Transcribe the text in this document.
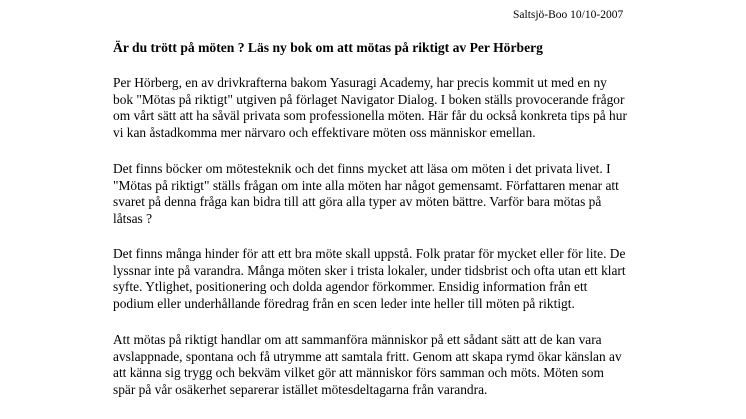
Saltsjö-Boo 10/10-2007
Är du trött på möten ? Läs ny bok om att mötas på riktigt av Per Hörberg
Per Hörberg, en av drivkrafterna bakom Yasuragi Academy, har precis kommit ut med en ny
bok "Mötas på riktigt" utgiven på förlaget Navigator Dialog. I boken ställs provocerande frågor
om vårt sätt att ha såväl privata som professionella möten. Här får du också konkreta tips på hur
vi kan åstadkomma mer närvaro och effektivare möten oss människor emellan.
Det finns böcker om mötesteknik och det finns mycket att läsa om möten i det privata livet. I
"Mötas på riktigt" ställs frågan om inte alla möten har något gemensamt. Författaren menar att
svaret på denna fråga kan bidra till att göra alla typer av möten bättre. Varför bara mötas på
låtsas ?
Det finns många hinder för att ett bra möte skall uppstå. Folk pratar för mycket eller för lite. De
lyssnar inte på varandra. Många möten sker i trista lokaler, under tidsbrist och ofta utan ett klart
syfte. Ytlighet, positionering och dolda agendor förkommer. Ensidig information från ett
podium eller underhållande föredrag från en scen leder inte heller till möten på riktigt.
Att mötas på riktigt handlar om att sammanföra människor på ett sådant sätt att de kan vara
avslappnade, spontana och få utrymme att samtala fritt. Genom att skapa rymd ökar känslan av
att känna sig trygg och bekväm vilket gör att människor förs samman och möts. Möten som
spär på vår osäkerhet separerar istället mötesdeltagarna från varandra.
